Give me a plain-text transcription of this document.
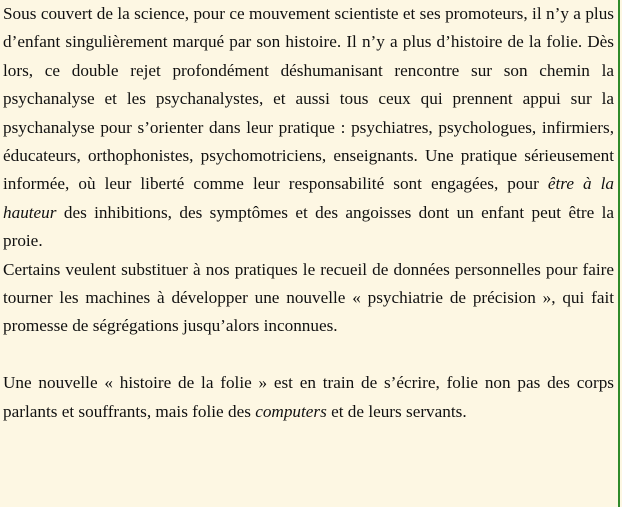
Sous couvert de la science, pour ce mouvement scientiste et ses promoteurs, il n’y a plus d’enfant singulièrement marqué par son histoire. Il n’y a plus d’histoire de la folie. Dès lors, ce double rejet profondément déshumanisant rencontre sur son chemin la psychanalyse et les psychanalystes, et aussi tous ceux qui prennent appui sur la psychanalyse pour s’orienter dans leur pratique : psychiatres, psychologues, infirmiers, éducateurs, orthophonistes, psychomotriciens, enseignants. Une pratique sérieusement informée, où leur liberté comme leur responsabilité sont engagées, pour être à la hauteur des inhibitions, des symptômes et des angoisses dont un enfant peut être la proie.

Certains veulent substituer à nos pratiques le recueil de données personnelles pour faire tourner les machines à développer une nouvelle « psychiatrie de précision », qui fait promesse de ségrégations jusqu’alors inconnues.

Une nouvelle « histoire de la folie » est en train de s’écrire, folie non pas des corps parlants et souffrants, mais folie des computers et de leurs servants.
